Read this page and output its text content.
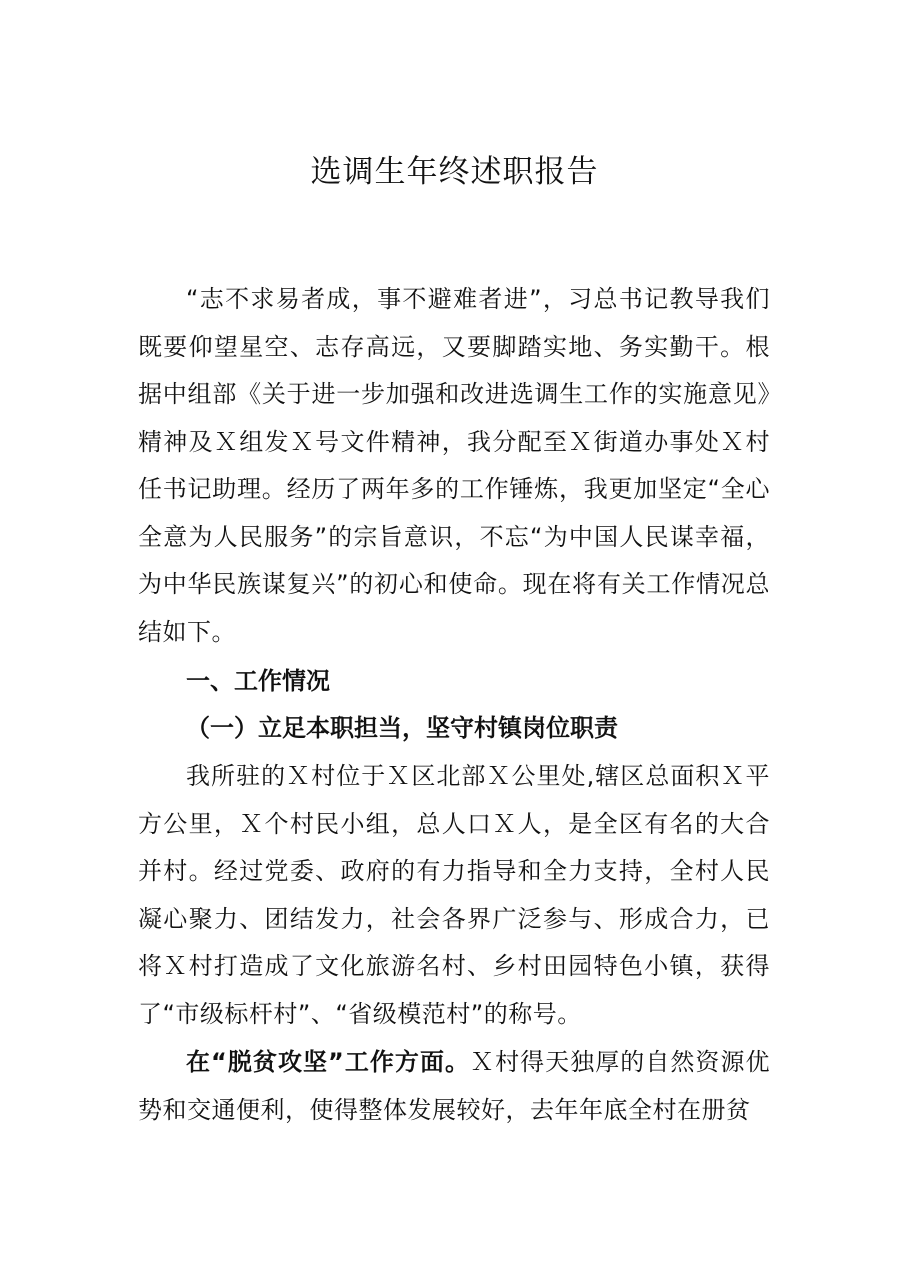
选调生年终述职报告

“志不求易者成，事不避难者进”，习总书记教导我们既要仰望星空、志存高远，又要脚踏实地、务实勤干。根据中组部《关于进一步加强和改进选调生工作的实施意见》精神及Ｘ组发Ｘ号文件精神，我分配至Ｘ街道办事处Ｘ村任书记助理。经历了两年多的工作锤炼，我更加坚定“全心全意为人民服务”的宗旨意识，不忘“为中国人民谋幸福，为中华民族谋复兴”的初心和使命。现在将有关工作情况总结如下。

一、工作情况
（一）立足本职担当，坚守村镇岗位职责

我所驻的Ｘ村位于Ｘ区北部Ｘ公里处,辖区总面积Ｘ平方公里，Ｘ个村民小组，总人口Ｘ人，是全区有名的大合并村。经过党委、政府的有力指导和全力支持，全村人民凝心聚力、团结发力，社会各界广泛参与、形成合力，已将Ｘ村打造成了文化旅游名村、乡村田园特色小镇，获得了“市级标杆村”、“省级模范村”的称号。

在“脱贫攻坚”工作方面。Ｘ村得天独厚的自然资源优势和交通便利，使得整体发展较好，去年年底全村在册贫
